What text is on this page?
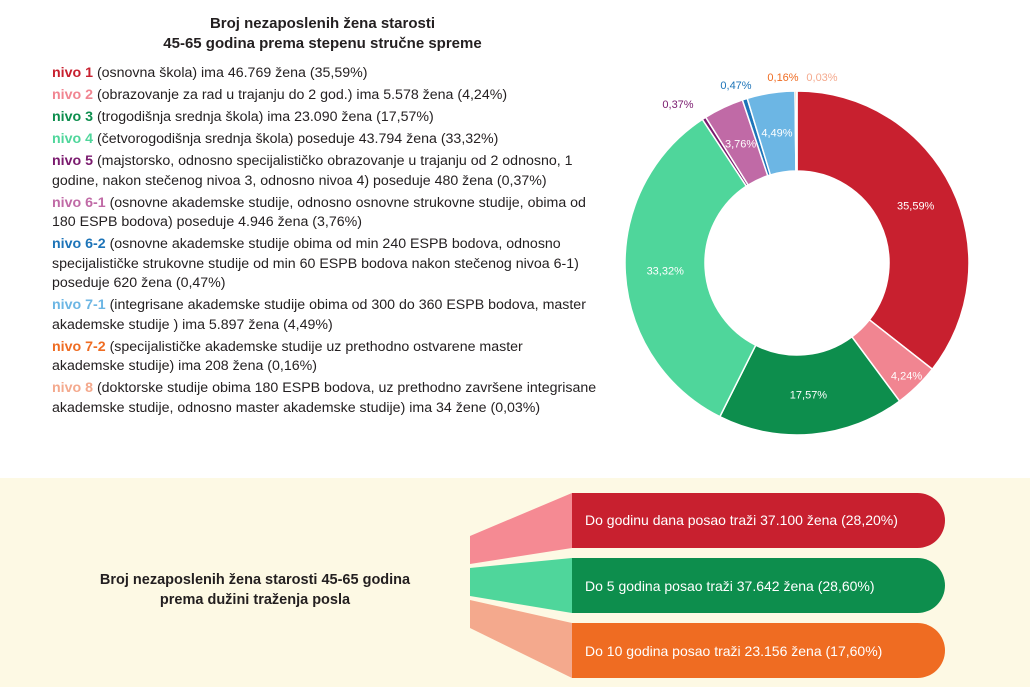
Broj nezaposlenih žena starosti
45-65 godina prema stepenu stručne spreme
nivo 1 (osnovna škola) ima 46.769 žena (35,59%)
nivo 2 (obrazovanje za rad u trajanju do 2 god.) ima 5.578 žena (4,24%)
nivo 3 (trogodišnja srednja škola) ima 23.090 žena (17,57%)
nivo 4 (četvorogodišnja srednja škola) poseduje 43.794 žena (33,32%)
nivo 5 (majstorsko, odnosno specijalističko obrazovanje u trajanju od 2 odnosno, 1 godine, nakon stečenog nivoa 3, odnosno nivoa 4) poseduje 480 žena (0,37%)
nivo 6-1 (osnovne akademske studije, odnosno osnovne strukovne studije, obima od 180 ESPB bodova) poseduje 4.946 žena (3,76%)
nivo 6-2 (osnovne akademske studije obima od min 240 ESPB bodova, odnosno specijalističke strukovne studije od min 60 ESPB bodova nakon stečenog nivoa 6-1) poseduje 620 žena (0,47%)
nivo 7-1 (integrisane akademske studije obima od 300 do 360 ESPB bodova, master akademske studije ) ima 5.897 žena (4,49%)
nivo 7-2 (specijalističke akademske studije uz prethodno ostvarene master akademske studije) ima 208 žena (0,16%)
nivo 8 (doktorske studije obima 180 ESPB bodova, uz prethodno završene integrisane akademske studije, odnosno master akademske studije) ima 34 žene (0,03%)
35,59%
4,24%
17,57%
33,32%
0,37%
3,76%
0,47%
4,49%
0,16% 0,03%
Broj nezaposlenih žena starosti 45-65 godina
prema dužini traženja posla
Do godinu dana posao traži 37.100 žena (28,20%)
Do 5 godina posao traži 37.642 žena (28,60%)
Do 10 godina posao traži 23.156 žena (17,60%)
